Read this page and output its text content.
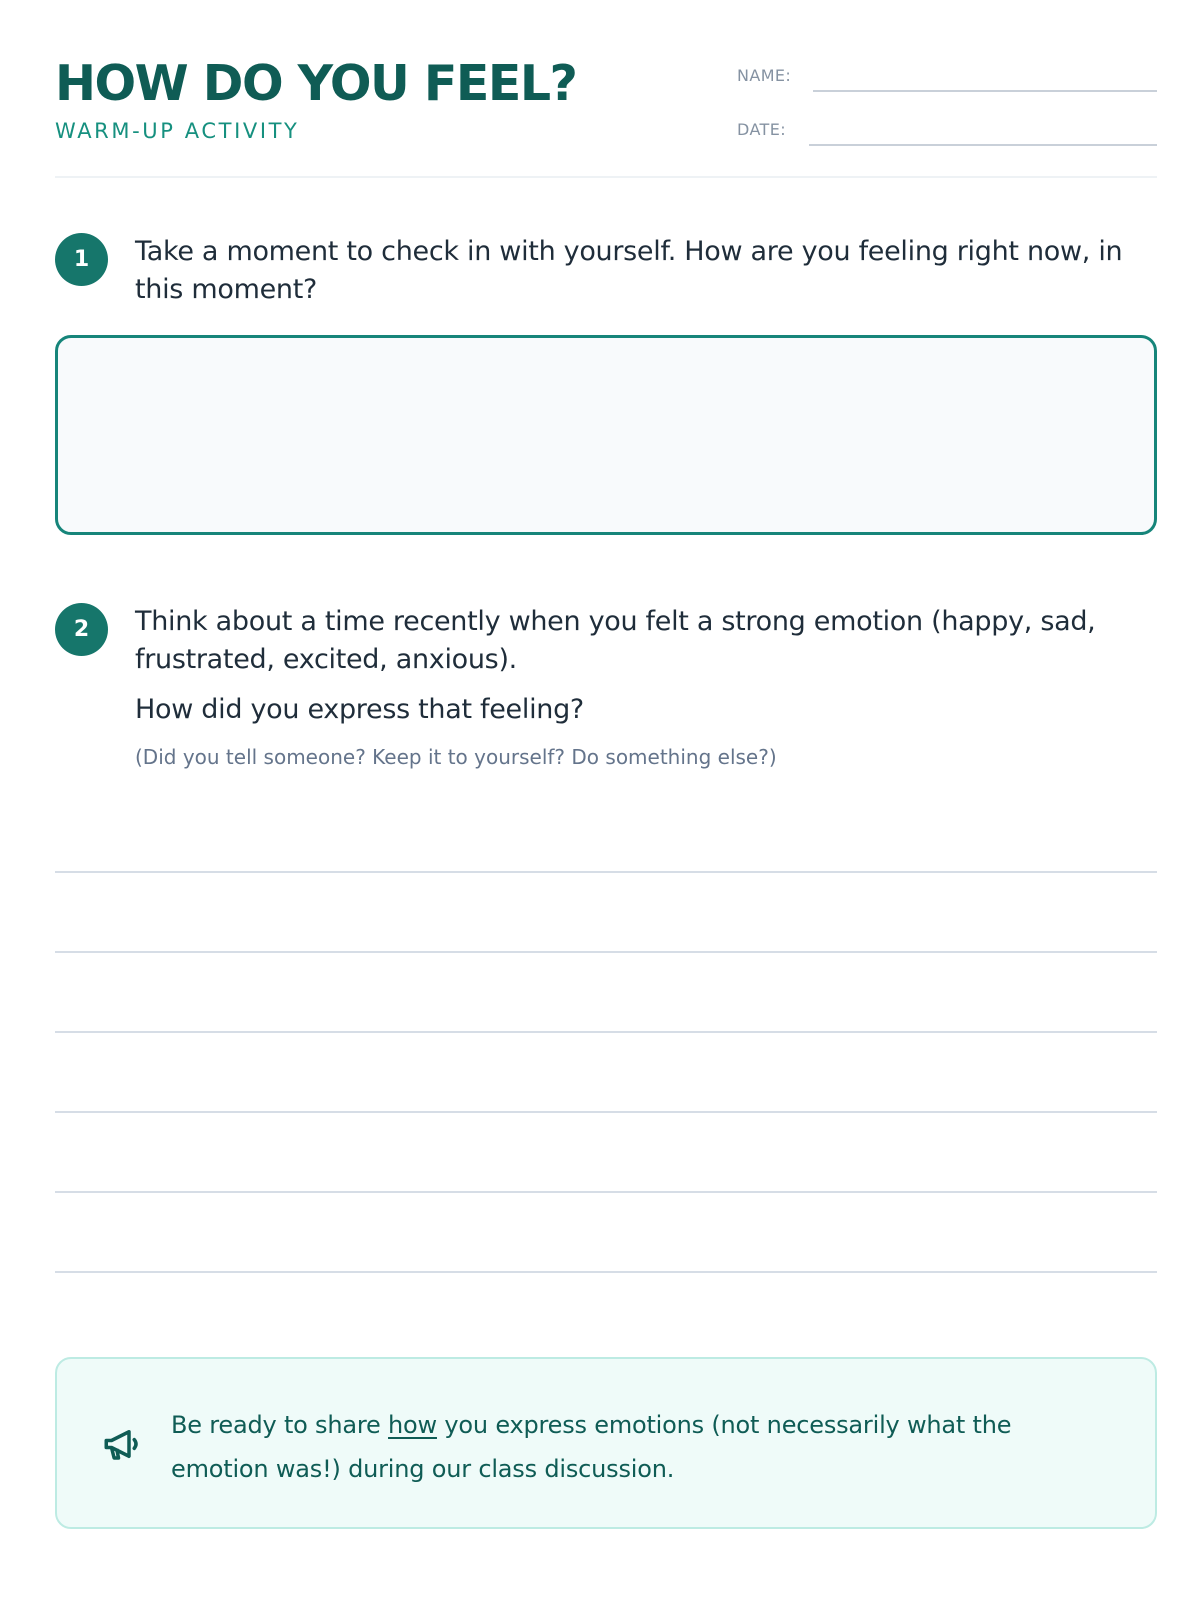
HOW DO YOU FEEL?
WARM-UP ACTIVITY
NAME:
DATE:
1	Take a moment to check in with yourself. How are you feeling right now, in this moment?
2	Think about a time recently when you felt a strong emotion (happy, sad, frustrated, excited, anxious).
How did you express that feeling?
(Did you tell someone? Keep it to yourself? Do something else?)
Be ready to share how you express emotions (not necessarily what the emotion was!) during our class discussion.
